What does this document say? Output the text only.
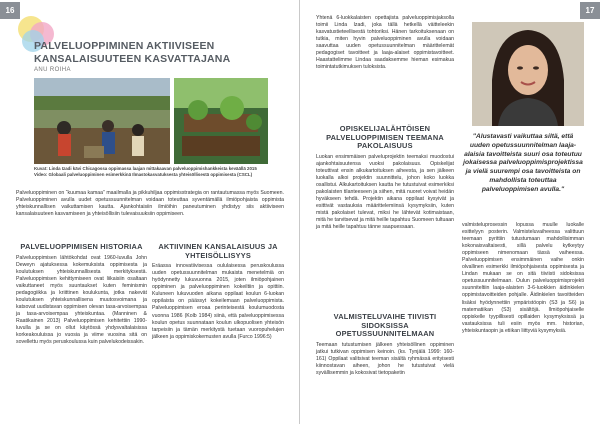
16	17
PALVELUOPPIMINEN AKTIIVISEEN KANSALAISUUTEEN KASVATTAJANA
ANU ROIHA
Kuvat: Linda Izadi kävi Chicagossa oppimassa laajan mittakaavan palveluoppimishankkeista keväällä 2015
Video: Globaali palveluoppiminen esimerkkinä Ilmastokasvatuksesta yhteisöllisestä oppimisesta (CSCL)
Palveluoppiminen on “kuumaa kamaa” maailmalla ja pikkuhiljaa oppimisstrategia on rantautumassa myös Suomeen. Palveluoppiminen avulla uudet opetussuunnitelman voidaan toteuttaa syventämällä ilmiöpohjaista oppimista yhteiskunnallisen vaikuttamisen kautta. Ajankohtaisiin ilmiöihin paneutuminen yhdistyy siis aktiiviseen kansalaisuuteen kasvamiseen ja yhteisöllisiin tulevaisuuksiin oppimiseen.
PALVELUOPPIMISEN HISTORIAA

Palveluoppimisen lähtökohdat ovat 1960-luvulla John Deweyn ajatuksessa kokemuksista oppimisesta ja koulutuksen yhteiskunnallisesta merkityksestä. Palveluoppimisen kehittymiseen ovat liikaisiin osaltaan vaikuttaneet myös suuntaukset kuten feminismin pedagogiikka ja kriittinen koulukunta, jotka nakevät koulutuksen yhteiskunnallisena muutosvoimana ja katsovat uudistavan oppimisen olevan tasa-arvoisempaa ja tasa-arvoisempaa yhteiskuntaa. (Manninen & Raatikainen 2013) Palveluoppimisen kehitettiin 1990-luvulla ja se on ollut käytössä yhdysvaltalaisissa korkeakouluissa jo vuosia ja viime vuosina sitä on sovellettu myös peruskoulussa kuin palvelukodeissakin.

AKTIIVINEN KANSALAISUUS JA YHTEISÖLLISYYS

Eräassa innovatiivisessa oululaisessa peruskoulussa uuden opetussuunnitelman mukaista menetelmiä on hyödynnetty lukuvuonna 2015, joten ilmiöpohjainen oppiminen ja palveluoppiminen kokeiltiin ja opittiin. Kuluneen lukuvuoden aikana oppilaat koulun 6-luokan oppilaista on päässyt kokeilemaan palveluoppimista. Palveluoppimisen eroaa perinteisestä koulumuodosta vuonna 1986 (Kolb 1984) siinä, että palveluoppimisessa koulun opetus suunnataan koulun ulkopuolisen yhteisön tarpeisiin ja tämän merkitystä tuetaan vuoropuhelujen jälkeen ja oppimiskokemusten avulla (Furco 1996:5)

Yhtenä 6-luokkalaisten opettajista palveluoppimisjaksolla toimii Linda Izadi, joka tällä hetkellä väitteleekin kasvatustieteellisestä tohtoriksi. Hänen tarkoituksenaan on tutkia, miten hyvin palveluoppiminen avulla voidaan saavuttaa uuden opetussuunnitelman määrittelemät pedagogiset tavoitteet ja laaja-alaiset oppimistavoitteet. Haastattelimme Lindaa saadaksemme hieman esimakua toimintatutkimuksen tuloksista.

OPISKELIJALÄHTÖISEN PALVELUOPPIMISEN TEEMANA PAKOLAISUUS

Luokan ensimmäisen palveluprojektin teemaksi muodostui ajankohtaisuutensa vuoksi pakolaisuus. Opiskelijat toteuttivat ensin alkukartoituksen aiheesta, ja sen jälkeen luokalla alkoi projektin suunnittelu, johon koko luokka osallistui. Alkukartoituksen kautta he tutustuivat esimerkiksi pakolaisten tilanteeseen ja siihen, mitä nuoret voivat heidän hyväkseen tehdä. Projektin aikana oppilaat kysyivät ja esittivät vastauksia määrittelemiinsä kysymyksiin, kuten mistä pakolaiset tulevat, miksi he lähtevät kotimaistaan, mitä he tarvitsevat ja mitä heille tapahtuu Suomeen tultuaan ja mitä heille tapahtuu tänne saapuessaan.

VALMISTELUVAIHE TIIVISTI SIDOKSISSA OPETUSSUUNNITELMAAN

Teemaan tutustumisen jälkeen yhteisöllinen oppiminen jatkui tutkivan oppimisen keinoin. (ks. Tynjälä 1999: 160-161) Oppilaat valitsivat teeman sisältä ryhmässä erityisesti kiinnostavan aiheen, johon he tutustuivat vielä syvällisemmin ja kokosivat tietopaketin

"Alustavasti vaikuttaa siltä, että uuden opetussuunnitelman laaja-alaisia tavoitteista suuri osa toteutuu jokaisessa palveluoppimisprojektissa ja vielä suurempi osa tavoitteista on mahdollista toteuttaa palveluoppimisen avulla."

valmisteluprosessin lopussa muulle luokalle esittelyyn posterin. Valmisteluvaiheessa valittuun teemaan pyrittiin tutustumaan mahdollisimman kokonaisvaltaisesti, sillä palvelu kytkeytyy oppimiseen nimenomaan tässä vaiheessa. Palveluoppimisen ensimmäinen vaihe onkin olvallinen esimerkki ilmiöpohjaisesta oppimisesta ja Lindan mukaan se on sitä tiiviisti sidoksissa opetussuunnitelmaan. Oulun palveluoppimisprojekti suunniteltiin laaja-alaisten 3-6-luokkien äidinkielen oppimistavoitteiden pohjalle. Äidinkielen tavoitteiden lisäksi hyödynnettiin ympäristöopin (S3 ja S6) ja matematiikan (S3) sisältöjä. Ilmiöpohjaiselle oppiskelle tyypillisesti opillaiden kysymyksissä ja vastauksissa tuli esiin myös mm. historian, yhteiskuntaopin ja etiikan liittyviä kysymyksiä.
